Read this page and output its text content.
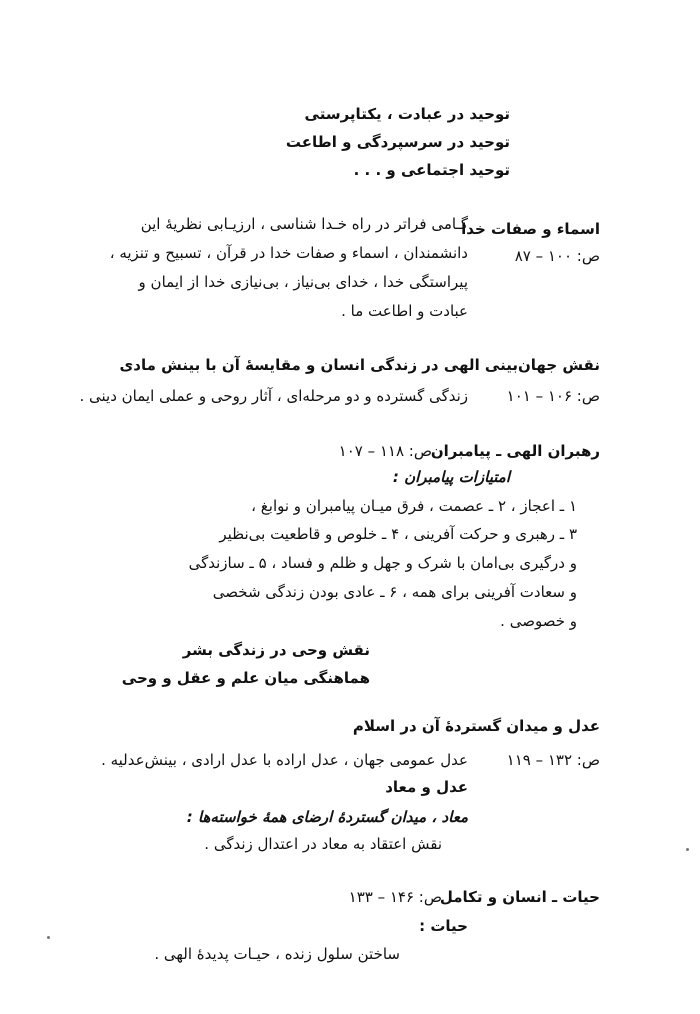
توحید در عبادت ، یکتاپرستی
توحید در سرسپردگی و اطاعت
توحید اجتماعی و . . .
اسماء و صفات خدا
ص: ۱۰۰ – ۸۷
گـامی فراتر در راه خـدا شناسی ، ارزیـابی نظریهٔ این
دانشمندان ، اسماء و صفات خدا در قرآن ، تسبیح و تنزیه ،
پیراستگی خدا ، خدای بی‌نیاز ، بی‌نیازی خدا از ایمان و
عبادت و اطاعت ما .
نقش جهان‌بینی الهی در زندگی انسان و مقایسهٔ آن با بینش مادی
ص: ۱۰۶ – ۱۰۱
زندگی گسترده و دو مرحله‌ای ، آثار روحی و عملی ایمان دینی .
رهبران الهی ـ پیامبران
ص: ۱۱۸ – ۱۰۷
امتیازات پیامبران :
۱ ـ اعجاز ، ۲ ـ عصمت ، فرق میـان پیامبران و نوابغ ،
۳ ـ رهبری و حرکت آفرینی ، ۴ ـ خلوص و قاطعیت بی‌نظیر
و درگیری بی‌امان با شرک و جهل و ظلم و فساد ، ۵ ـ سازندگی
و سعادت آفرینی برای همه ، ۶ ـ عادی بودن زندگی شخصی
و خصوصی .
نقش وحی در زندگی بشر
هماهنگی میان علم و عقل و وحی
عدل و میدان گستردهٔ آن در اسلام
ص: ۱۳۲ – ۱۱۹
عدل عمومی جهان ، عدل اراده با عدل ارادی ، بینش‌عدلیه .
عدل و معاد
معاد ، میدان گستردهٔ ارضای همهٔ خواسته‌ها :
نقش اعتقاد به معاد در اعتدال زندگی .
حیات ـ انسان و تکامل
ص: ۱۴۶ – ۱۳۳
حیات :
ساختن سلول زنده ، حیـات پدیدهٔ الهی .
